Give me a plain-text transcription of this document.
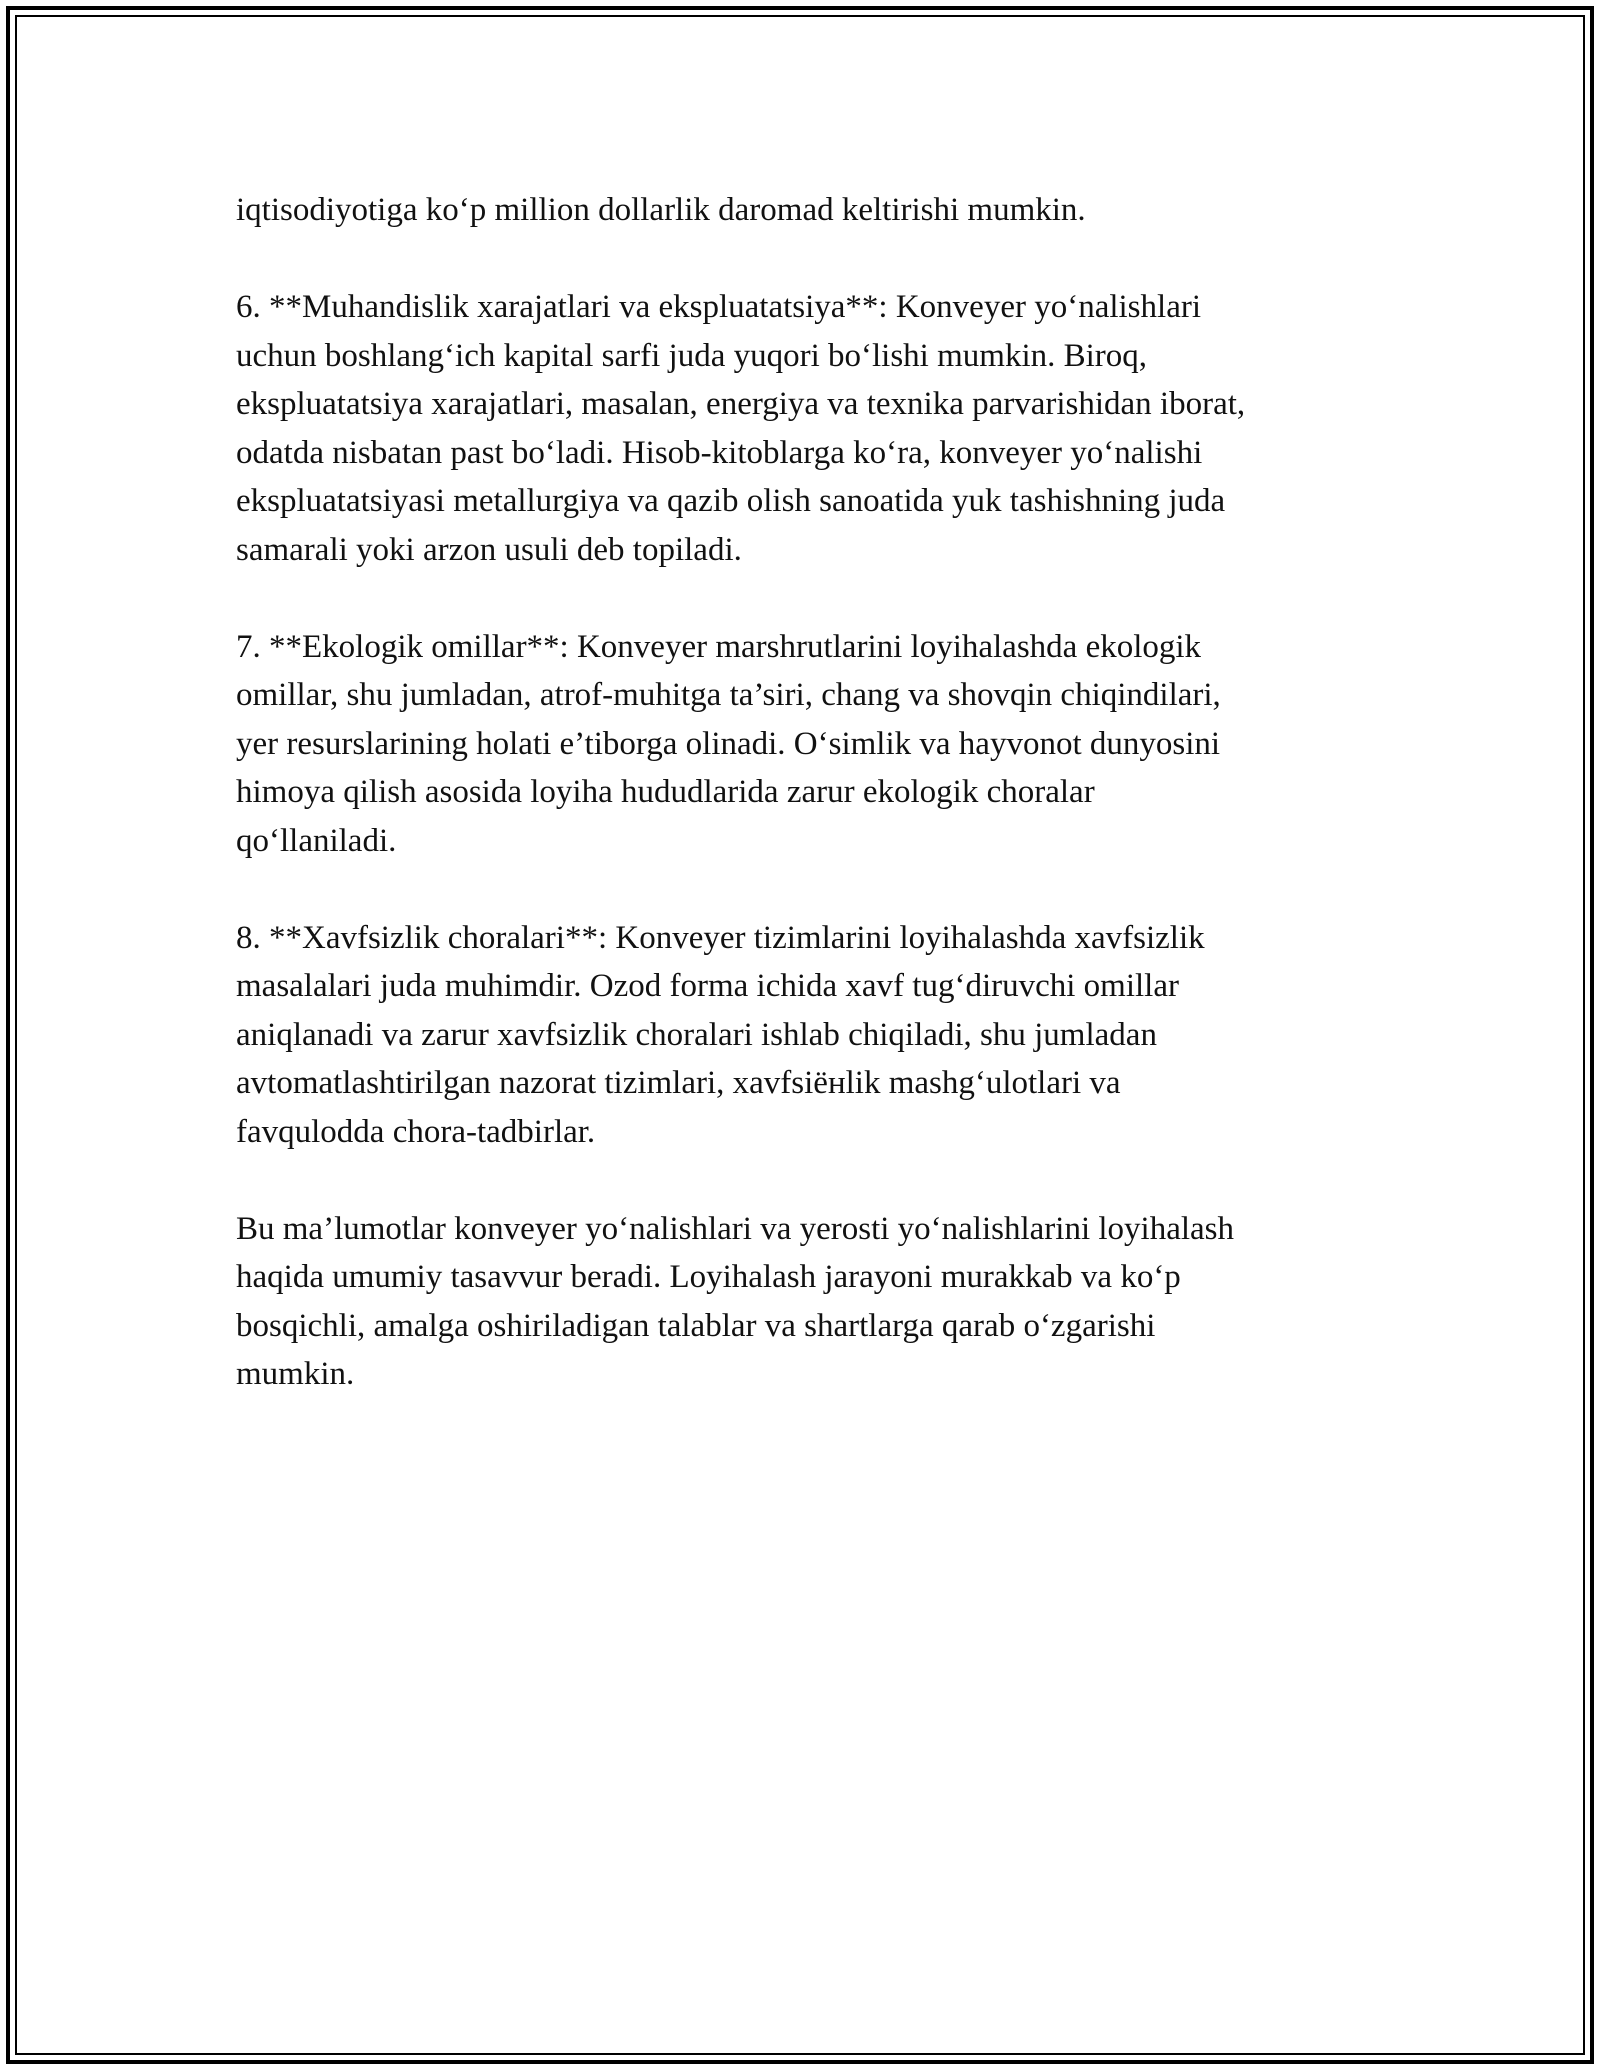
iqtisodiyotiga ko‘p million dollarlik daromad keltirishi mumkin.

6. **Muhandislik xarajatlari va ekspluatatsiya**: Konveyer yo‘nalishlari
uchun boshlang‘ich kapital sarfi juda yuqori bo‘lishi mumkin. Biroq,
ekspluatatsiya xarajatlari, masalan, energiya va texnika parvarishidan iborat,
odatda nisbatan past bo‘ladi. Hisob-kitoblarga ko‘ra, konveyer yo‘nalishi
ekspluatatsiyasi metallurgiya va qazib olish sanoatida yuk tashishning juda
samarali yoki arzon usuli deb topiladi.

7. **Ekologik omillar**: Konveyer marshrutlarini loyihalashda ekologik
omillar, shu jumladan, atrof-muhitga ta’siri, chang va shovqin chiqindilari,
yer resurslarining holati e’tiborga olinadi. O‘simlik va hayvonot dunyosini
himoya qilish asosida loyiha hududlarida zarur ekologik choralar
qo‘llaniladi.

8. **Xavfsizlik choralari**: Konveyer tizimlarini loyihalashda xavfsizlik
masalalari juda muhimdir. Ozod forma ichida xavf tug‘diruvchi omillar
aniqlanadi va zarur xavfsizlik choralari ishlab chiqiladi, shu jumladan
avtomatlashtirilgan nazorat tizimlari, xavfsiёнlik mashg‘ulotlari va
favqulodda chora-tadbirlar.

Bu ma’lumotlar konveyer yo‘nalishlari va yerosti yo‘nalishlarini loyihalash
haqida umumiy tasavvur beradi. Loyihalash jarayoni murakkab va ko‘p
bosqichli, amalga oshiriladigan talablar va shartlarga qarab o‘zgarishi
mumkin.
